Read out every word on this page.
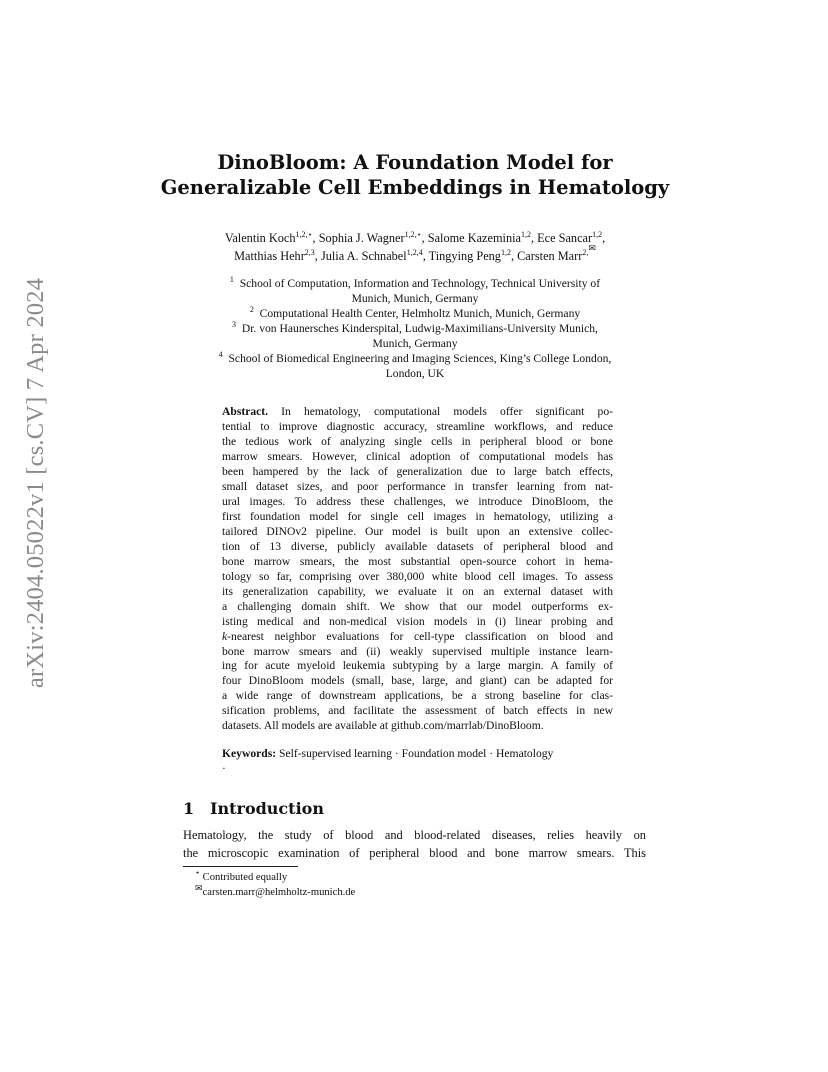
arXiv:2404.05022v1 [cs.CV] 7 Apr 2024
DinoBloom: A Foundation Model for
Generalizable Cell Embeddings in Hematology
Valentin Koch$^{1,2,⋆}$, Sophia J. Wagner$^{1,2,⋆}$, Salome Kazeminia$^{1,2}$, Ece Sancar$^{1,2}$,
Matthias Hehr$^{2,3}$, Julia A. Schnabel$^{1,2,4}$, Tingying Peng$^{1,2}$, Carsten Marr$^{2,✉}$
$^1$ School of Computation, Information and Technology, Technical University of
Munich, Munich, Germany
$^2$ Computational Health Center, Helmholtz Munich, Munich, Germany
$^3$ Dr. von Haunersches Kinderspital, Ludwig-Maximilians-University Munich,
Munich, Germany
$^4$ School of Biomedical Engineering and Imaging Sciences, King’s College London,
London, UK
Abstract. In hematology, computational models offer significant po-
tential to improve diagnostic accuracy, streamline workflows, and reduce
the tedious work of analyzing single cells in peripheral blood or bone
marrow smears. However, clinical adoption of computational models has
been hampered by the lack of generalization due to large batch effects,
small dataset sizes, and poor performance in transfer learning from nat-
ural images. To address these challenges, we introduce DinoBloom, the
first foundation model for single cell images in hematology, utilizing a
tailored DINOv2 pipeline. Our model is built upon an extensive collec-
tion of 13 diverse, publicly available datasets of peripheral blood and
bone marrow smears, the most substantial open-source cohort in hema-
tology so far, comprising over 380,000 white blood cell images. To assess
its generalization capability, we evaluate it on an external dataset with
a challenging domain shift. We show that our model outperforms ex-
isting medical and non-medical vision models in (i) linear probing and
k-nearest neighbor evaluations for cell-type classification on blood and
bone marrow smears and (ii) weakly supervised multiple instance learn-
ing for acute myeloid leukemia subtyping by a large margin. A family of
four DinoBloom models (small, base, large, and giant) can be adapted for
a wide range of downstream applications, be a strong baseline for clas-
sification problems, and facilitate the assessment of batch effects in new
datasets. All models are available at github.com/marrlab/DinoBloom.
Keywords: Self-supervised learning · Foundation model · Hematology
·
1 Introduction
Hematology, the study of blood and blood-related diseases, relies heavily on
the microscopic examination of peripheral blood and bone marrow smears. This
⋆ Contributed equally
✉carsten.marr@helmholtz-munich.de
